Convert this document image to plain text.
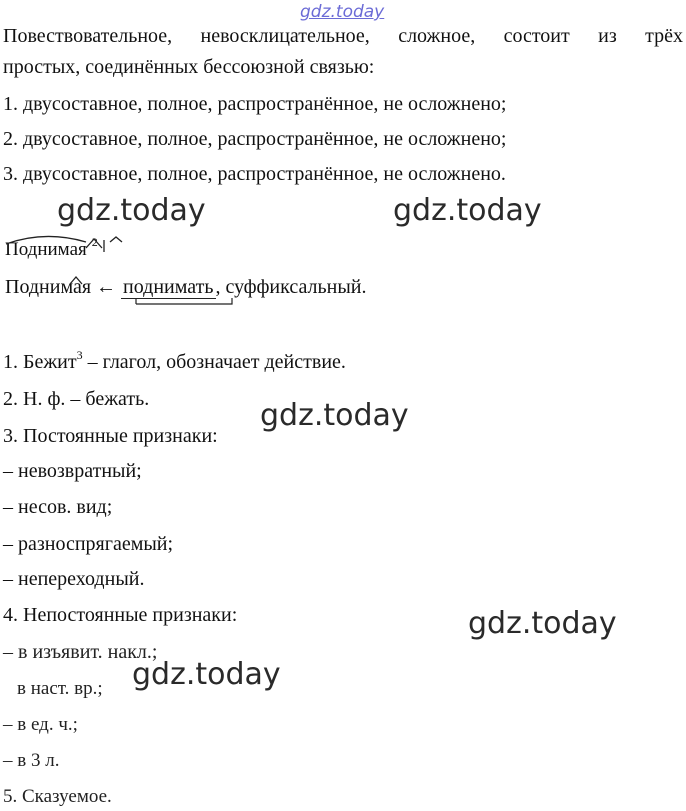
gdz.today
Повествовательное, невосклицательное, сложное, состоит из трёх
простых, соединённых бессоюзной связью:
1. двусоставное, полное, распространённое, не осложнено;
2. двусоставное, полное, распространённое, не осложнено;
3. двусоставное, полное, распространённое, не осложнено.
gdz.today	gdz.today
Поднимая $^2$
Поднимая ← поднимать , суффиксальный.
1. Бежит$^3$ – глагол, обозначает действие.
2. Н. ф. – бежать.	gdz.today
3. Постоянные признаки:
– невозвратный;
– несов. вид;
– разноспрягаемый;
– непереходный.
4. Непостоянные признаки:	gdz.today
– в изъявит. накл.;
в наст. вр.; gdz.today
– в ед. ч.;
– в 3 л.
5. Сказуемое.
